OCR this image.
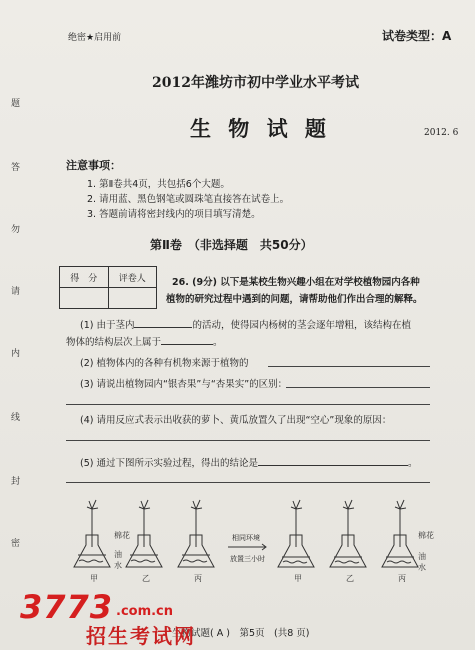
题
答
勿
请
内
线
封
密
绝密★启用前	试卷类型：A
2012年潍坊市初中学业水平考试
生 物 试 题	2012. 6
注意事项：
1. 第Ⅱ卷共4页，共包括6个大题。
2. 请用蓝、黑色钢笔或圆珠笔直接答在试卷上。
3. 答题前请将密封线内的项目填写清楚。
第Ⅱ卷　（非选择题　共50分）
得　分	评卷人
		26. (9分) 以下是某校生物兴趣小组在对学校植物园内各种
植物的研究过程中遇到的问题，请帮助他们作出合理的解释。
(1) 由于茎内	的活动，使得园内杨树的茎会逐年增粗，该结构在植
物体的结构层次上属于	。
(2) 植物体内的各种有机物来源于植物的
(3) 请说出植物园内“银杏果”与“杏果实”的区别：
(4) 请用反应式表示出收获的萝卜、黄瓜放置久了出现“空心”现象的原因：
(5) 通过下图所示实验过程，得出的结论是	。
棉花
油
水
甲	乙	丙
相同环境
放置三小时
棉花
油
水
甲	乙	丙
生物试题( A )　第5页　(共8 页)
3773 .com.cn
招生考试网
